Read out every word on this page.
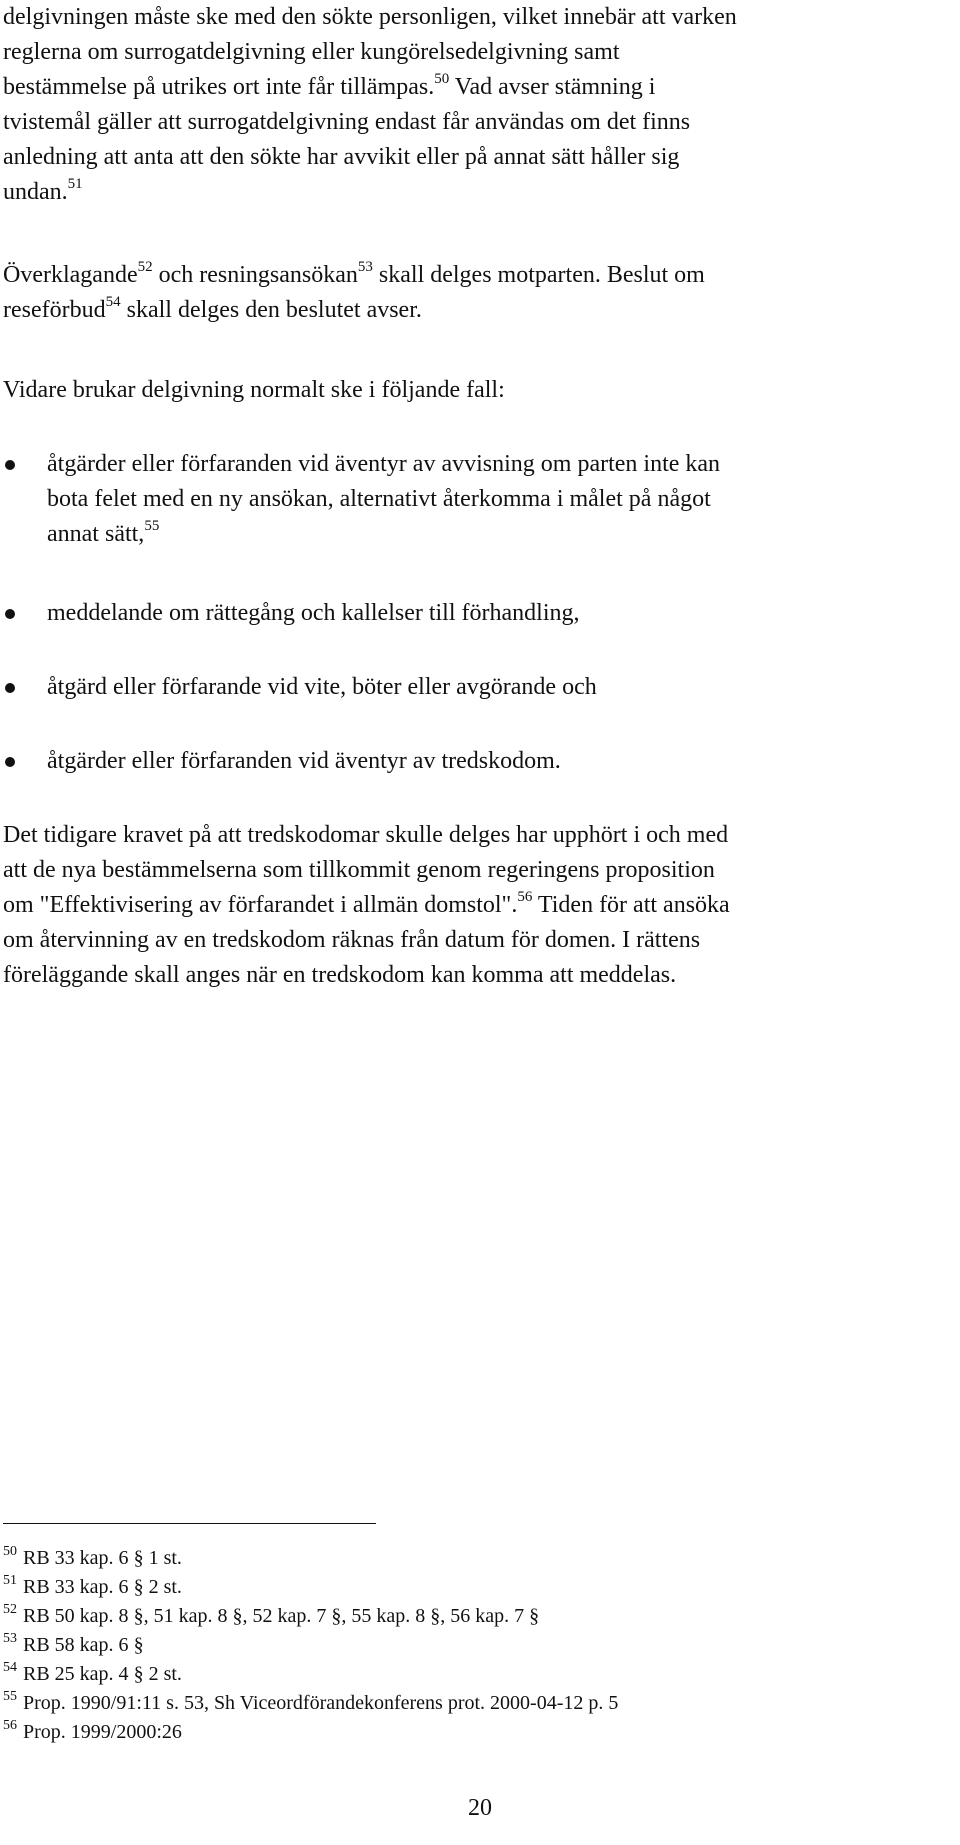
delgivningen måste ske med den sökte personligen, vilket innebär att varken
reglerna om surrogatdelgivning eller kungörelsedelgivning samt
bestämmelse på utrikes ort inte får tillämpas.$^{50}$ Vad avser stämning i
tvistemål gäller att surrogatdelgivning endast får användas om det finns
anledning att anta att den sökte har avvikit eller på annat sätt håller sig
undan.$^{51}$
Överklagande$^{52}$ och resningsansökan$^{53}$ skall delges motparten. Beslut om
reseförbud$^{54}$ skall delges den beslutet avser.
Vidare brukar delgivning normalt ske i följande fall:
åtgärder eller förfaranden vid äventyr av avvisning om parten inte kan
bota felet med en ny ansökan, alternativt återkomma i målet på något
annat sätt,$^{55}$
meddelande om rättegång och kallelser till förhandling,
åtgärd eller förfarande vid vite, böter eller avgörande och
åtgärder eller förfaranden vid äventyr av tredskodom.
Det tidigare kravet på att tredskodomar skulle delges har upphört i och med
att de nya bestämmelserna som tillkommit genom regeringens proposition
om "Effektivisering av förfarandet i allmän domstol".$^{56}$ Tiden för att ansöka
om återvinning av en tredskodom räknas från datum för domen. I rättens
föreläggande skall anges när en tredskodom kan komma att meddelas.
$^{50}$ RB 33 kap. 6 § 1 st.
$^{51}$ RB 33 kap. 6 § 2 st.
$^{52}$ RB 50 kap. 8 §, 51 kap. 8 §, 52 kap. 7 §, 55 kap. 8 §, 56 kap. 7 §
$^{53}$ RB 58 kap. 6 §
$^{54}$ RB 25 kap. 4 § 2 st.
$^{55}$ Prop. 1990/91:11 s. 53, Sh Viceordförandekonferens prot. 2000-04-12 p. 5
$^{56}$ Prop. 1999/2000:26
20
